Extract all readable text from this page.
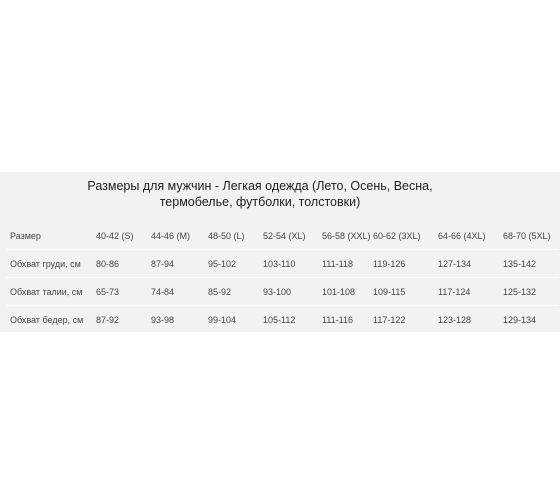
Размеры для мужчин - Легкая одежда (Лето, Осень, Весна,
термобелье, футболки, толстовки)
Размер	40-42 (S)	44-46 (M)	48-50 (L)	52-54 (XL)	56-58 (XXL)	60-62 (3XL)	64-66 (4XL)	68-70 (5XL)
Обхват груди, см	80-86	87-94	95-102	103-110	111-118	119-126	127-134	135-142
Обхват талии, см	65-73	74-84	85-92	93-100	101-108	109-115	117-124	125-132
Обхват бедер, см	87-92	93-98	99-104	105-112	111-116	117-122	123-128	129-134
